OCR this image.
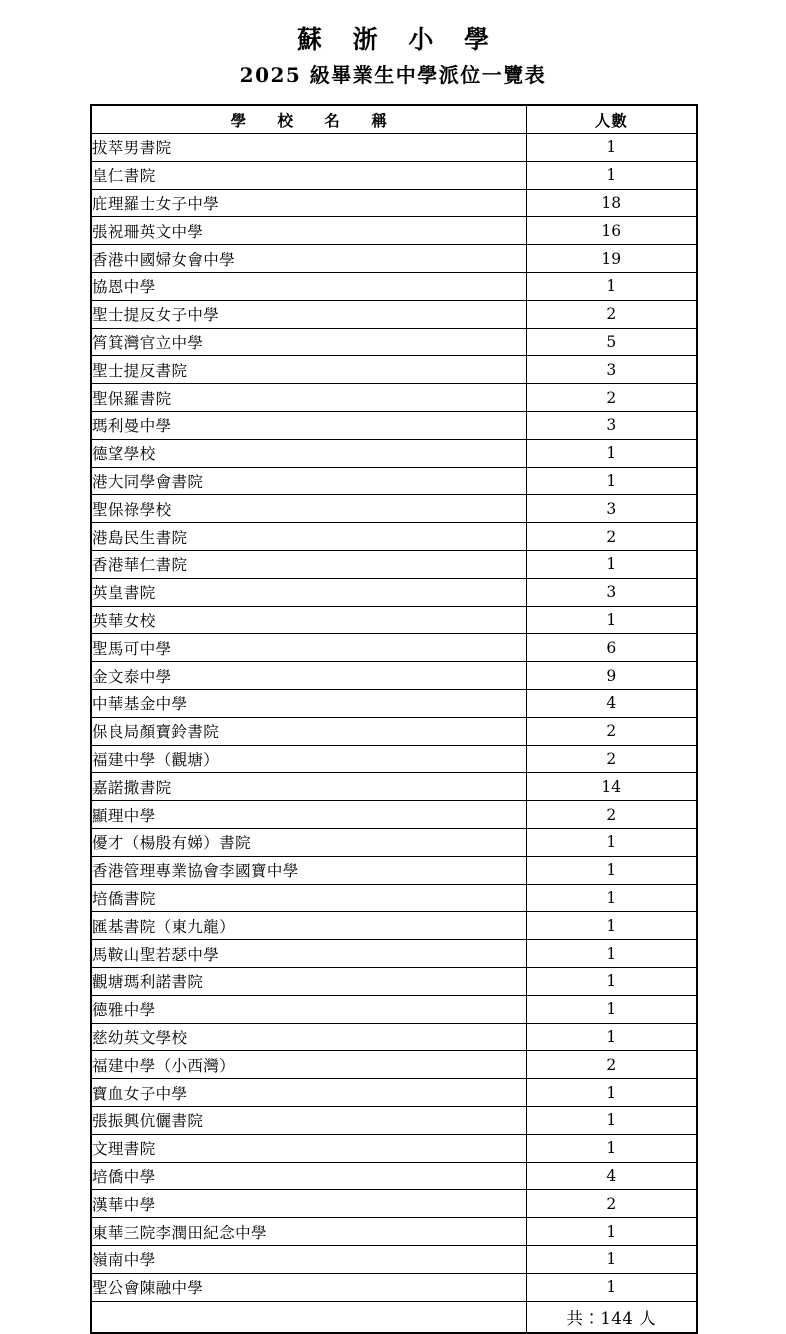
蘇 浙 小 學
2025 級畢業生中學派位一覽表
學 校 名 稱	人數
拔萃男書院	1
皇仁書院	1
庇理羅士女子中學	18
張祝珊英文中學	16
香港中國婦女會中學	19
協恩中學	1
聖士提反女子中學	2
筲箕灣官立中學	5
聖士提反書院	3
聖保羅書院	2
瑪利曼中學	3
德望學校	1
港大同學會書院	1
聖保祿學校	3
港島民生書院	2
香港華仁書院	1
英皇書院	3
英華女校	1
聖馬可中學	6
金文泰中學	9
中華基金中學	4
保良局顏寶鈴書院	2
福建中學（觀塘）	2
嘉諾撒書院	14
顯理中學	2
優才（楊殷有娣）書院	1
香港管理專業協會李國寶中學	1
培僑書院	1
匯基書院（東九龍）	1
馬鞍山聖若瑟中學	1
觀塘瑪利諾書院	1
德雅中學	1
慈幼英文學校	1
福建中學（小西灣）	2
寶血女子中學	1
張振興伉儷書院	1
文理書院	1
培僑中學	4
漢華中學	2
東華三院李潤田紀念中學	1
嶺南中學	1
聖公會陳融中學	1
	共：144 人
